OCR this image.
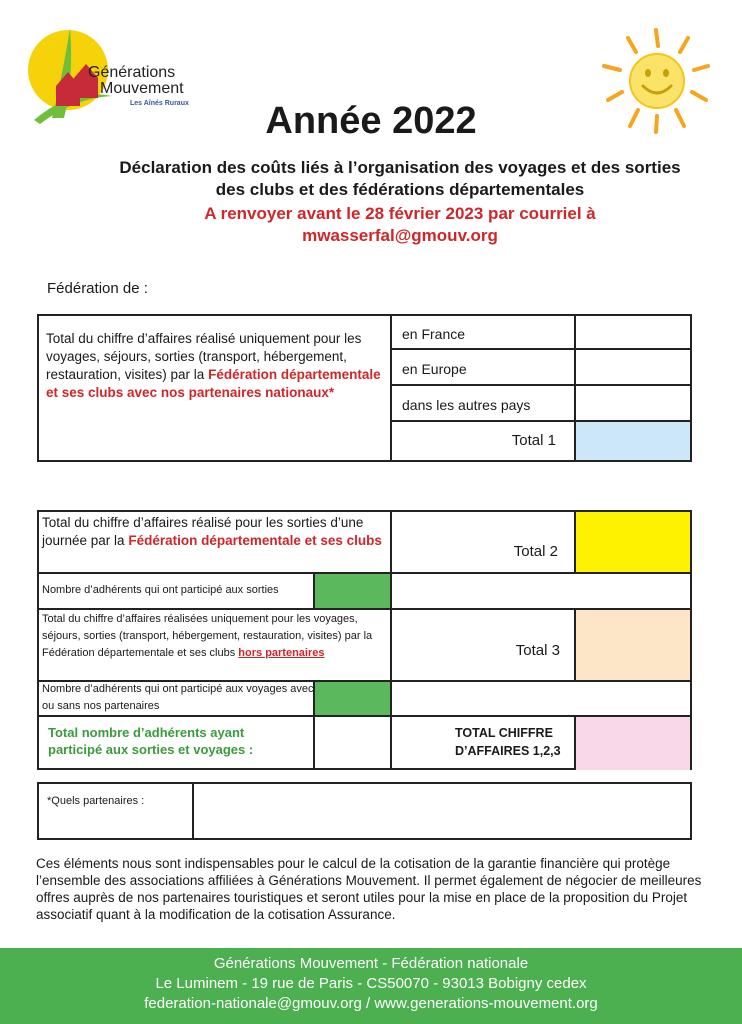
Générations
Mouvement
Les Aînés Ruraux	Année 2022
Déclaration des coûts liés à l’organisation des voyages et des sorties
des clubs et des fédérations départementales
A renvoyer avant le 28 février 2023 par courriel à
mwasserfal@gmouv.org
Fédération de :
Total du chiffre d’affaires réalisé uniquement pour les voyages, séjours, sorties (transport, hébergement, restauration, visites) par la Fédération départementale et ses clubs avec nos partenaires nationaux*
en France
en Europe
dans les autres pays
Total 1
Total du chiffre d’affaires réalisé pour les sorties d’une journée par la Fédération départementale et ses clubs
Total 2
Nombre d’adhérents qui ont participé aux sorties
Total du chiffre d’affaires réalisées uniquement pour les voyages, séjours, sorties (transport, hébergement, restauration, visites) par la Fédération départementale et ses clubs hors partenaires	Total 3
Nombre d’adhérents qui ont participé aux voyages avec ou sans nos partenaires
Total nombre d’adhérents ayant participé aux sorties et voyages :
TOTAL CHIFFRE D’AFFAIRES 1,2,3
*Quels partenaires :
Ces éléments nous sont indispensables pour le calcul de la cotisation de la garantie financière qui protège l’ensemble des associations affiliées à Générations Mouvement. Il permet également de négocier de meilleures offres auprès de nos partenaires touristiques et seront utiles pour la mise en place de la proposition du Projet associatif quant à la modification de la cotisation Assurance.
Générations Mouvement - Fédération nationale
Le Luminem - 19 rue de Paris - CS50070 - 93013 Bobigny cedex
federation-nationale@gmouv.org / www.generations-mouvement.org
